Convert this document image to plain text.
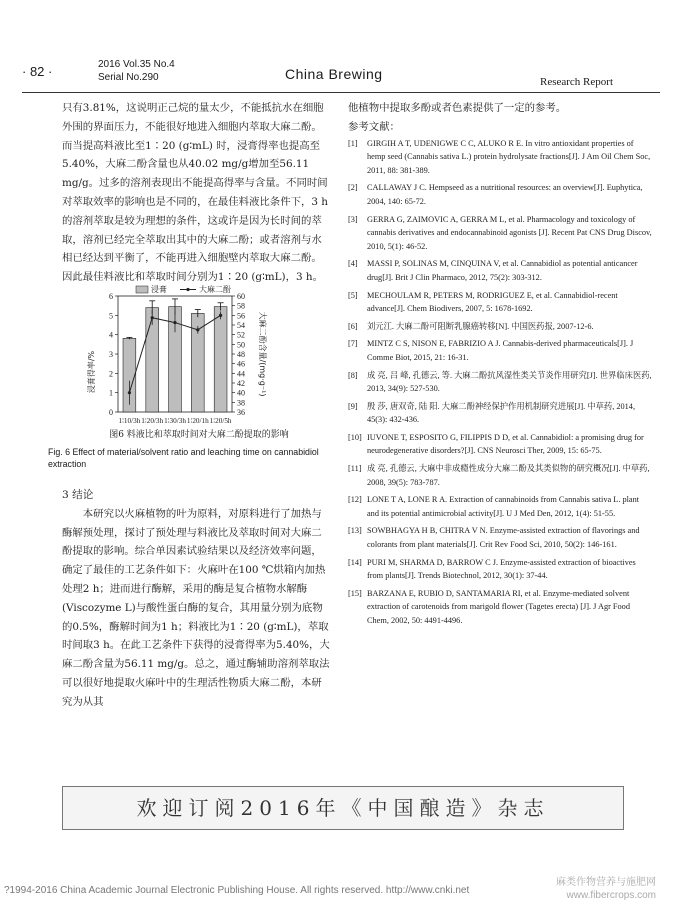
· 82 ·	2016 Vol.35 No.4
Serial No.290	China Brewing	Research Report

只有3.81%，这说明正己烷的量太少，不能抵抗水在细胞外围的界面压力，不能很好地进入细胞内萃取大麻二酚。而当提高料液比至1∶20 (g∶mL) 时，浸膏得率也提高至5.40%，大麻二酚含量也从40.02 mg/g增加至56.11 mg/g。过多的溶剂表现出不能提高得率与含量。不同时间对萃取效率的影响也是不同的，在最佳料液比条件下，3 h的溶剂萃取是较为理想的条件，这或许是因为长时间的萃取，溶剂已经完全萃取出其中的大麻二酚；或者溶剂与水相已经达到平衡了，不能再进入细胞壁内萃取大麻二酚。因此最佳料液比和萃取时间分别为1∶20 (g∶mL)，3 h。

浸膏得率/%	大麻二酚含量/(mg·g⁻¹)
0
1
2
3
4
5
6
36
38
40
42
44
46
48
50
52
54
56
58
60
1∶10/3h 1∶20/3h 1∶30/3h 1∶20/1h 1∶20/5h
浸膏	大麻二酚
图6 料液比和萃取时间对大麻二酚提取的影响
Fig. 6 Effect of material/solvent ratio and leaching time on cannabidiol extraction

3 结论

本研究以火麻植物的叶为原料，对原料进行了加热与酶解预处理，探讨了预处理与料液比及萃取时间对大麻二酚提取的影响。综合单因素试验结果以及经济效率问题，确定了最佳的工艺条件如下：火麻叶在100 ℃烘箱内加热处理2 h；进而进行酶解，采用的酶是复合植物水解酶(Viscozyme L)与酸性蛋白酶的复合，其用量分别为底物的0.5%，酶解时间为1 h；料液比为1∶20 (g∶mL)，萃取时间取3 h。在此工艺条件下获得的浸膏得率为5.40%，大麻二酚含量为56.11 mg/g。总之，通过酶辅助溶剂萃取法可以很好地提取火麻叶中的生理活性物质大麻二酚，本研究为从其

他植物中提取多酚或者色素提供了一定的参考。

参考文献：

[1]	GIRGIH A T, UDENIGWE C C, ALUKO R E. In vitro antioxidant properties of hemp seed (Cannabis sativa L.) protein hydrolysate fractions[J]. J Am Oil Chem Soc, 2011, 88: 381-389.
[2]	CALLAWAY J C. Hempseed as a nutritional resources: an overview[J]. Euphytica, 2004, 140: 65-72.
[3]	GERRA G, ZAIMOVIC A, GERRA M L, et al. Pharmacology and toxicology of cannabis derivatives and endocannabinoid agonists [J]. Recent Pat CNS Drug Discov, 2010, 5(1): 46-52.
[4]	MASSI P, SOLINAS M, CINQUINA V, et al. Cannabidiol as potential anticancer drug[J]. Brit J Clin Pharmaco, 2012, 75(2): 303-312.
[5]	MECHOULAM R, PETERS M, RODRIGUEZ E, et al. Cannabidiol-recent advance[J]. Chem Biodivers, 2007, 5: 1678-1692.
[6]	刘元江. 大麻二酚可阻断乳腺癌转移[N]. 中国医药报, 2007-12-6.
[7]	MINTZ C S, NISON E, FABRIZIO A J. Cannabis-derived pharmaceuticals[J]. J Comme Biot, 2015, 21: 16-31.
[8]	成 亮, 吕 峰, 孔德云, 等. 大麻二酚抗风湿性类关节炎作用研究[J]. 世界临床医药, 2013, 34(9): 527-530.
[9]	殷 莎, 唐双奇, 陆 阳. 大麻二酚神经保护作用机制研究进展[J]. 中草药, 2014, 45(3): 432-436.
[10] IUVONE T, ESPOSITO G, FILIPPIS D D, et al. Cannabidiol: a promising drug for neurodegenerative disorders?[J]. CNS Neurosci Ther, 2009, 15: 65-75.
[11] 成 亮, 孔德云, 大麻中非成瘾性成分大麻二酚及其类似物的研究概况[J]. 中草药, 2008, 39(5): 783-787.
[12] LONE T A, LONE R A. Extraction of cannabinoids from Cannabis sativa L. plant and its potential antimicrobial activity[J]. U J Med Den, 2012, 1(4): 51-55.
[13] SOWBHAGYA H B, CHITRA V N. Enzyme-assisted extraction of flavorings and colorants from plant materials[J]. Crit Rev Food Sci, 2010, 50(2): 146-161.
[14] PURI M, SHARMA D, BARROW C J. Enzyme-assisted extraction of bioactives from plants[J]. Trends Biotechnol, 2012, 30(1): 37-44.
[15] BARZANA E, RUBIO D, SANTAMARIA RI, et al. Enzyme-mediated solvent extraction of carotenoids from marigold flower (Tagetes erecta) [J]. J Agr Food Chem, 2002, 50: 4491-4496.
欢迎订阅2016年《中国酿造》杂志
?1994-2016 China Academic Journal Electronic Publishing House. All rights reserved. http://www.cnki.net
麻类作物营养与施肥网
www.fibercrops.com
